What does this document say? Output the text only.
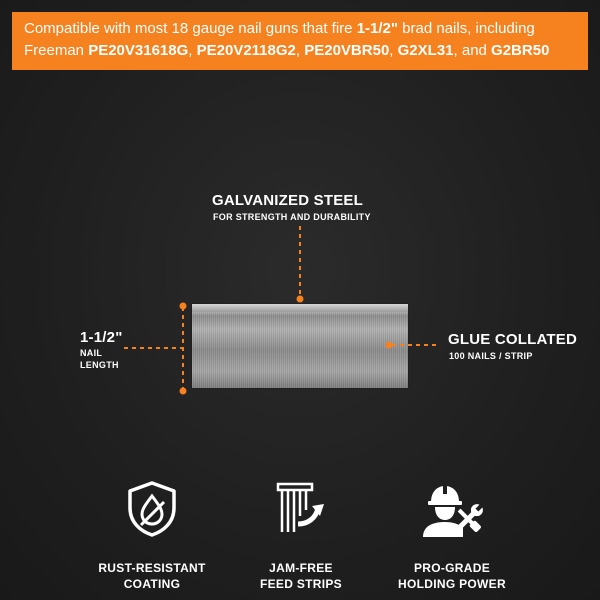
Compatible with most 18 gauge nail guns that fire 1-1/2" brad nails, including
Freeman PE20V31618G, PE20V2118G2, PE20VBR50, G2XL31, and G2BR50
GALVANIZED STEEL
FOR STRENGTH AND DURABILITY
GLUE COLLATED
100 NAILS / STRIP
1-1/2"
NAIL
LENGTH
RUST-RESISTANT
COATING
JAM-FREE
FEED STRIPS
PRO-GRADE
HOLDING POWER
